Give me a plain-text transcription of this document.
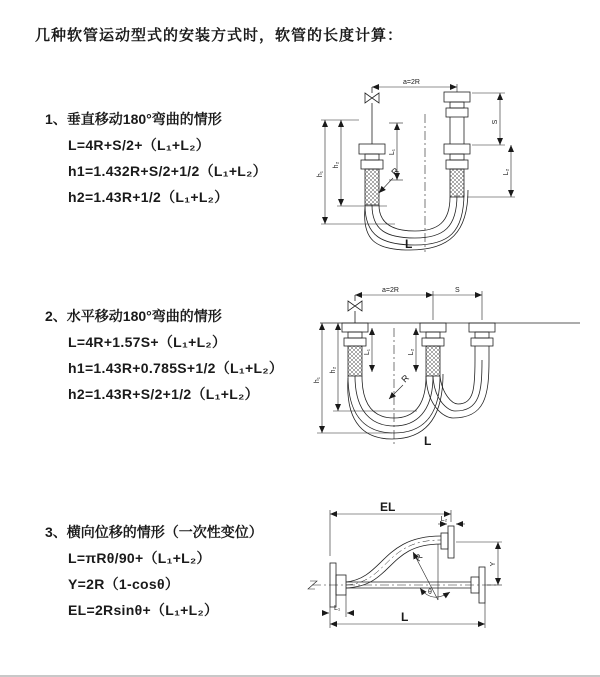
几种软管运动型式的安装方式时，软管的长度计算：
1、垂直移动180°弯曲的情形
L=4R+S/2+（L₁+L₂）
h1=1.432R+S/2+1/2（L₁+L₂）
h2=1.43R+1/2（L₁+L₂）
2、水平移动180°弯曲的情形
L=4R+1.57S+（L₁+L₂）
h1=1.43R+0.785S+1/2（L₁+L₂）
h2=1.43R+S/2+1/2（L₁+L₂）
3、横向位移的情形（一次性变位）
L=πRθ/90+（L₁+L₂）
Y=2R（1-cosθ）
EL=2Rsinθ+（L₁+L₂）
a=2R
S
L₁
L₂
h₁
h₂
R
L
a=2R	S
L₁	L₂
h₁
h₂
R
L
EL
L₂
Y
R
θ
L
L₁
